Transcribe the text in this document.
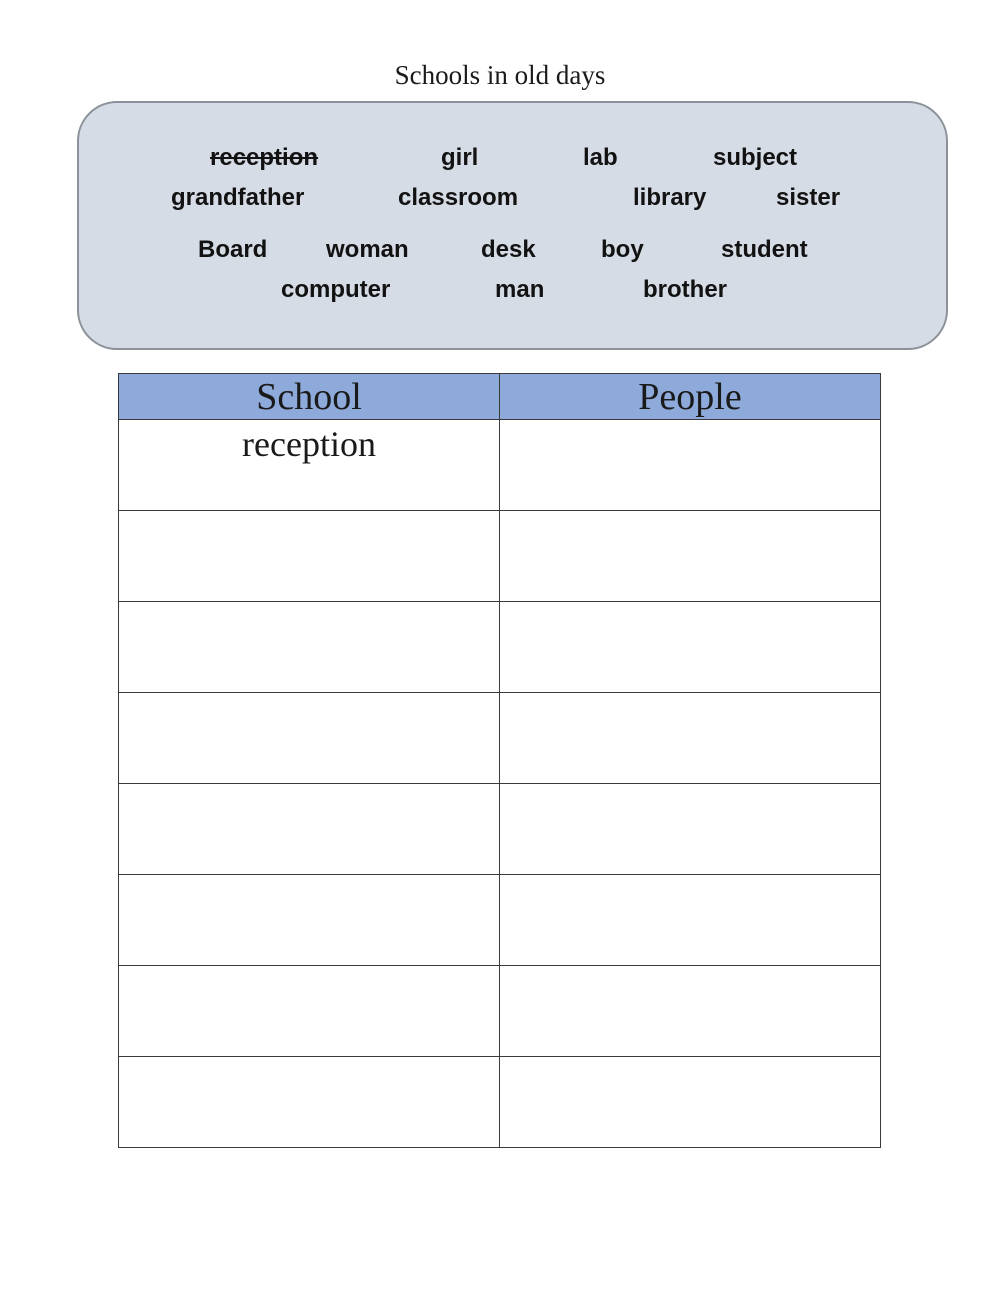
Schools in old days
reception	girl	lab	subject
grandfather	classroom	library	sister
Board woman	desk	boy	student
computer	man	brother
School	People

reception	
